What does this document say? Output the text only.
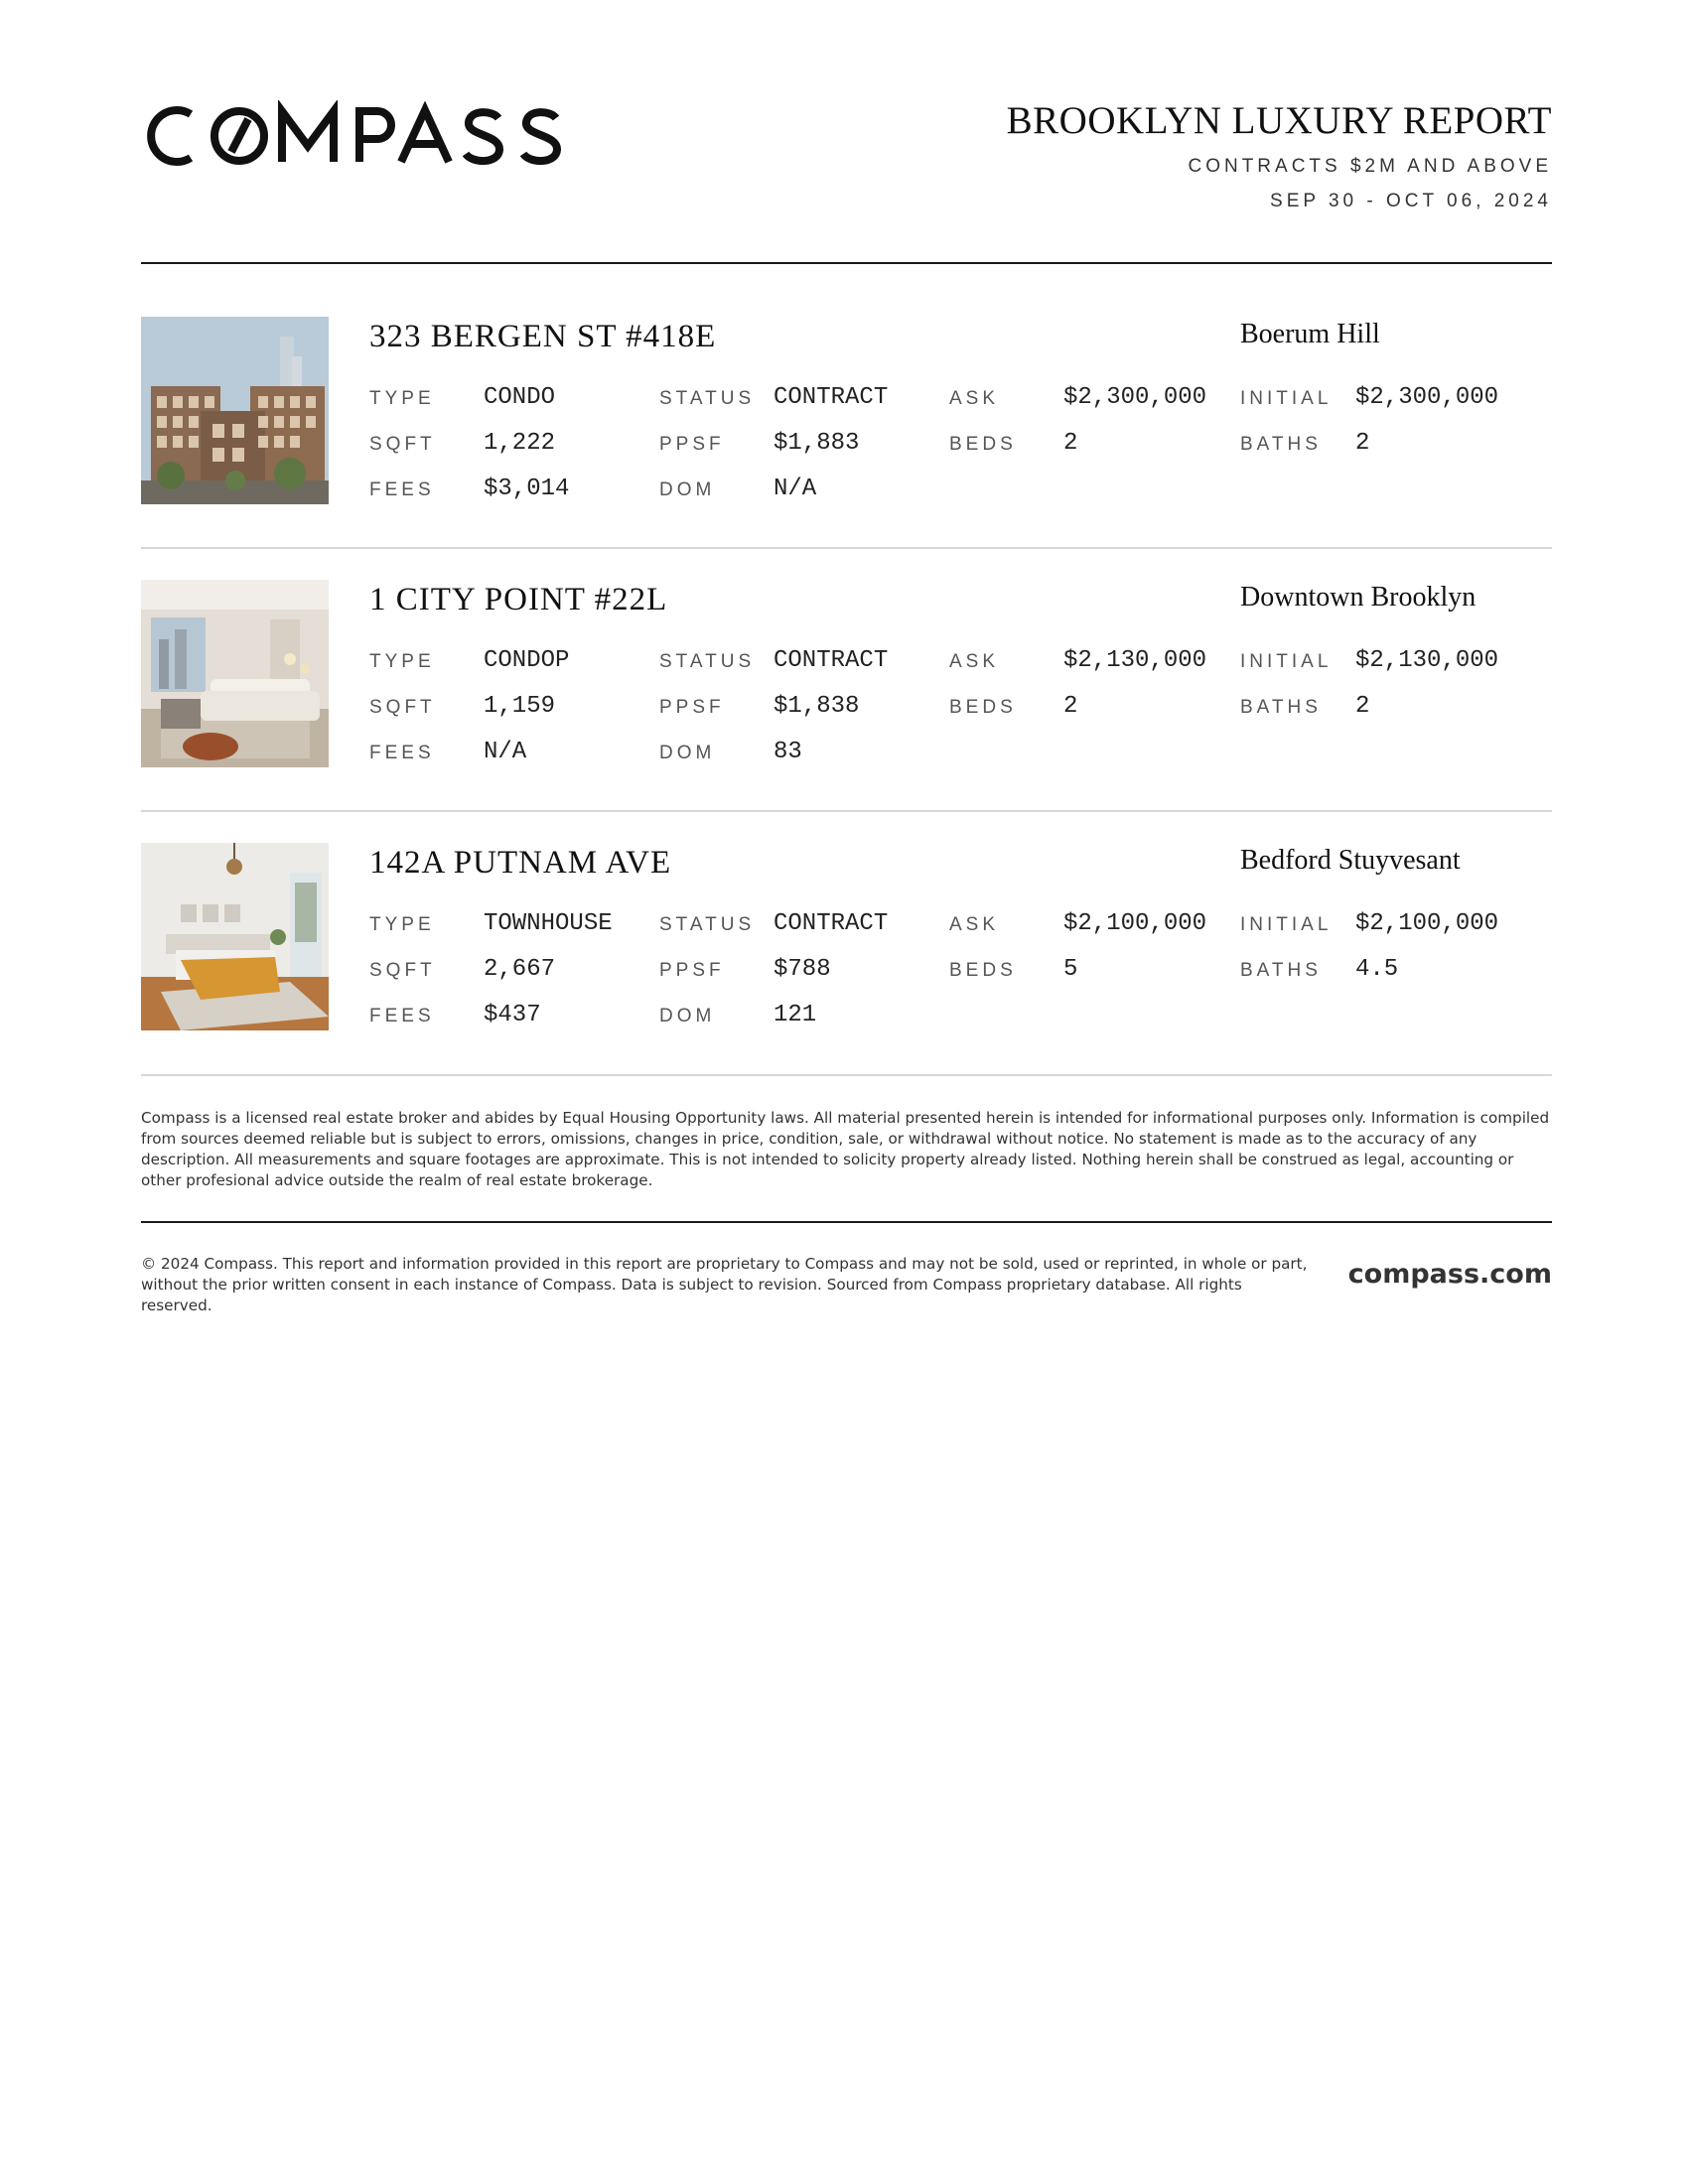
BROOKLYN LUXURY REPORT
CONTRACTS $2M AND ABOVE
SEP 30 - OCT 06, 2024
323 BERGEN ST #418E	Boerum Hill
TYPE CONDO	STATUS CONTRACT	ASK	$2,300,000 INITIAL $2,300,000
SQFT 1,222	PPSF $1,883	BEDS 2	BATHS 2
FEES $3,014	DOM N/A
1 CITY POINT #22L	Downtown Brooklyn
TYPE CONDOP	STATUS CONTRACT	ASK	$2,130,000 INITIAL $2,130,000
SQFT 1,159	PPSF $1,838	BEDS 2	BATHS 2
FEES N/A	DOM 83
142A PUTNAM AVE	Bedford Stuyvesant
TYPE TOWNHOUSE STATUS CONTRACT	ASK	$2,100,000 INITIAL $2,100,000
SQFT 2,667	PPSF $788	BEDS 5	BATHS 4.5
FEES $437	DOM 121
Compass is a licensed real estate broker and abides by Equal Housing Opportunity laws. All material presented herein is intended for informational purposes only. Information is compiled from sources deemed reliable but is subject to errors, omissions, changes in price, condition, sale, or withdrawal without notice. No statement is made as to the accuracy of any description. All measurements and square footages are approximate. This is not intended to solicity property already listed. Nothing herein shall be construed as legal, accounting or other profesional advice outside the realm of real estate brokerage.
© 2024 Compass. This report and information provided in this report are proprietary to Compass and may not be sold, used or reprinted, in whole or part, without the prior written consent in each instance of Compass. Data is subject to revision. Sourced from Compass proprietary database. All rights reserved.
compass.com
